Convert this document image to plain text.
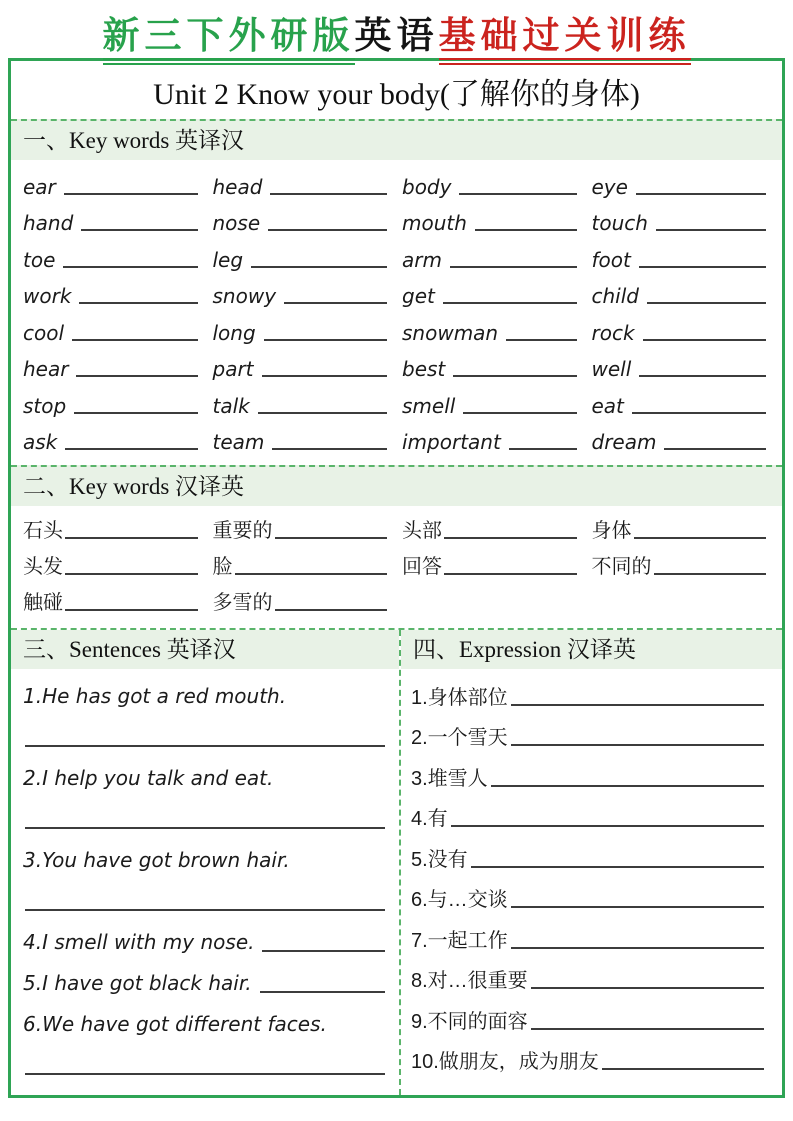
新三下外研版英语基础过关训练
Unit 2 Know your body(了解你的身体)
一、Key words 英译汉
ear	head	body	eye
hand	nose	mouth	touch
toe	leg	arm	foot
work	snowy	get	child
cool	long	snowman	rock
hear	part	best	well
stop	talk	smell	eat
ask	team	important	dream
二、Key words 汉译英
石头	重要的	头部	身体
头发	脸	回答	不同的
触碰	多雪的
三、Sentences 英译汉
1.He has got a red mouth.
2.I help you talk and eat.
3.You have got brown hair.
4.I smell with my nose.
5.I have got black hair.
6.We have got different faces.
四、Expression 汉译英
1.身体部位
2.一个雪天
3.堆雪人
4.有
5.没有
6.与…交谈
7.一起工作
8.对…很重要
9.不同的面容
10.做朋友，成为朋友
